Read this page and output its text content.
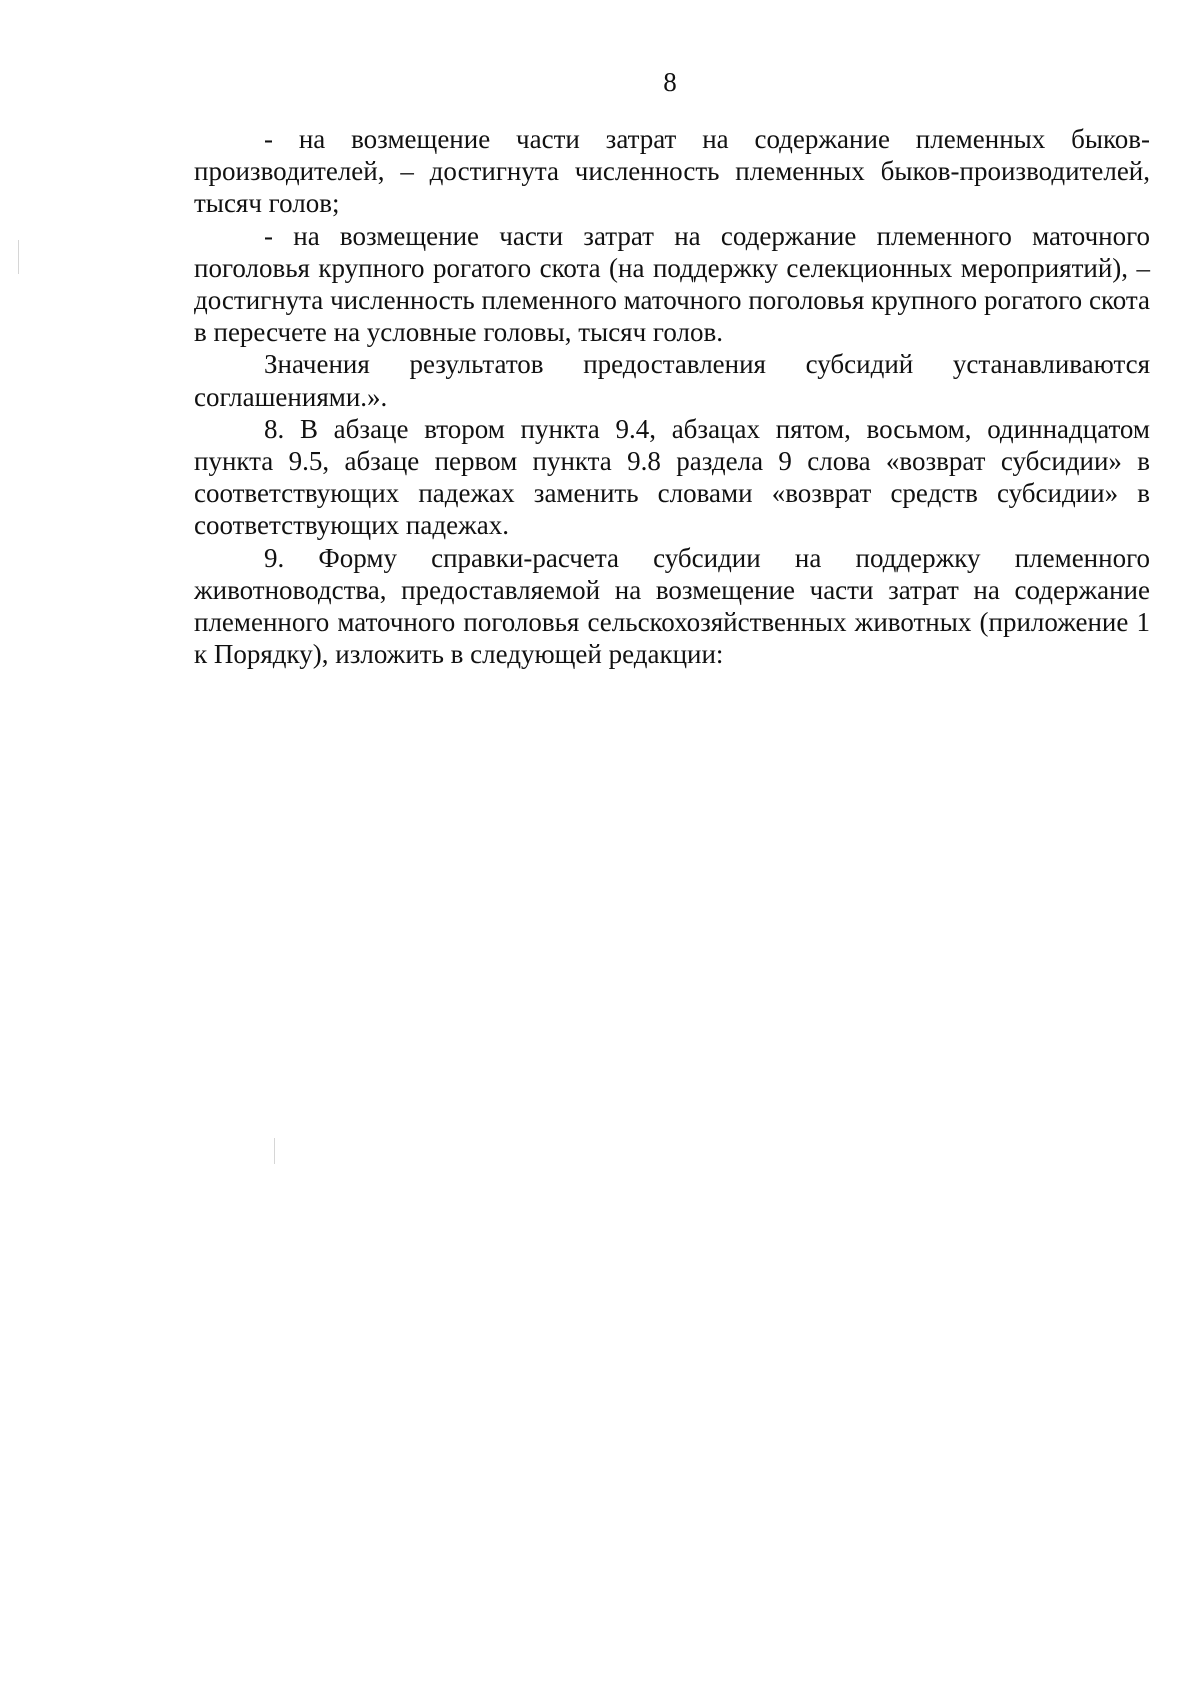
8

- на возмещение части затрат на содержание племенных быков-производителей, – достигнута численность племенных быков-производителей, тысяч голов;

- на возмещение части затрат на содержание племенного маточного поголовья крупного рогатого скота (на поддержку селекционных мероприятий), – достигнута численность племенного маточного поголовья крупного рогатого скота в пересчете на условные головы, тысяч голов.

Значения результатов предоставления субсидий устанавливаются соглашениями.».

8. В абзаце втором пункта 9.4, абзацах пятом, восьмом, одиннадцатом пункта 9.5, абзаце первом пункта 9.8 раздела 9 слова «возврат субсидии» в соответствующих падежах заменить словами «возврат средств субсидии» в соответствующих падежах.

9. Форму справки-расчета субсидии на поддержку племенного животноводства, предоставляемой на возмещение части затрат на содержание племенного маточного поголовья сельскохозяйственных животных (приложение 1 к Порядку), изложить в следующей редакции:
